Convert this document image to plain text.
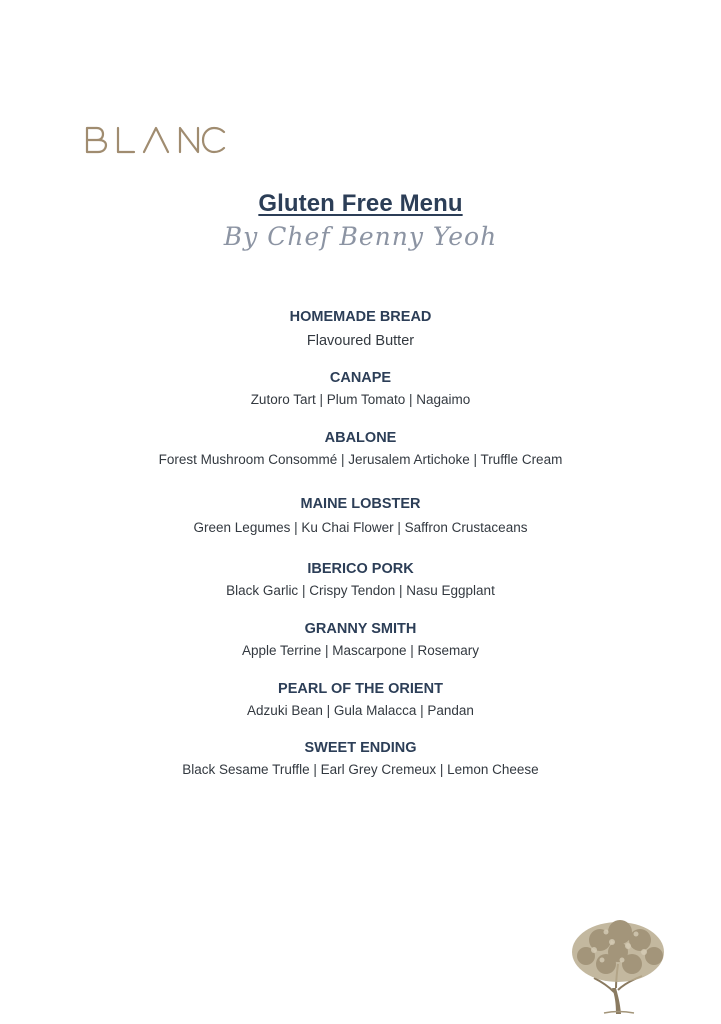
Gluten Free Menu
By Chef Benny Yeoh
HOMEMADE BREAD
Flavoured Butter
CANAPE
Zutoro Tart | Plum Tomato | Nagaimo
ABALONE
Forest Mushroom Consommé | Jerusalem Artichoke | Truffle Cream
MAINE LOBSTER
Green Legumes | Ku Chai Flower | Saffron Crustaceans
IBERICO PORK
Black Garlic | Crispy Tendon | Nasu Eggplant
GRANNY SMITH
Apple Terrine | Mascarpone | Rosemary
PEARL OF THE ORIENT
Adzuki Bean | Gula Malacca | Pandan
SWEET ENDING
Black Sesame Truffle | Earl Grey Cremeux | Lemon Cheese
